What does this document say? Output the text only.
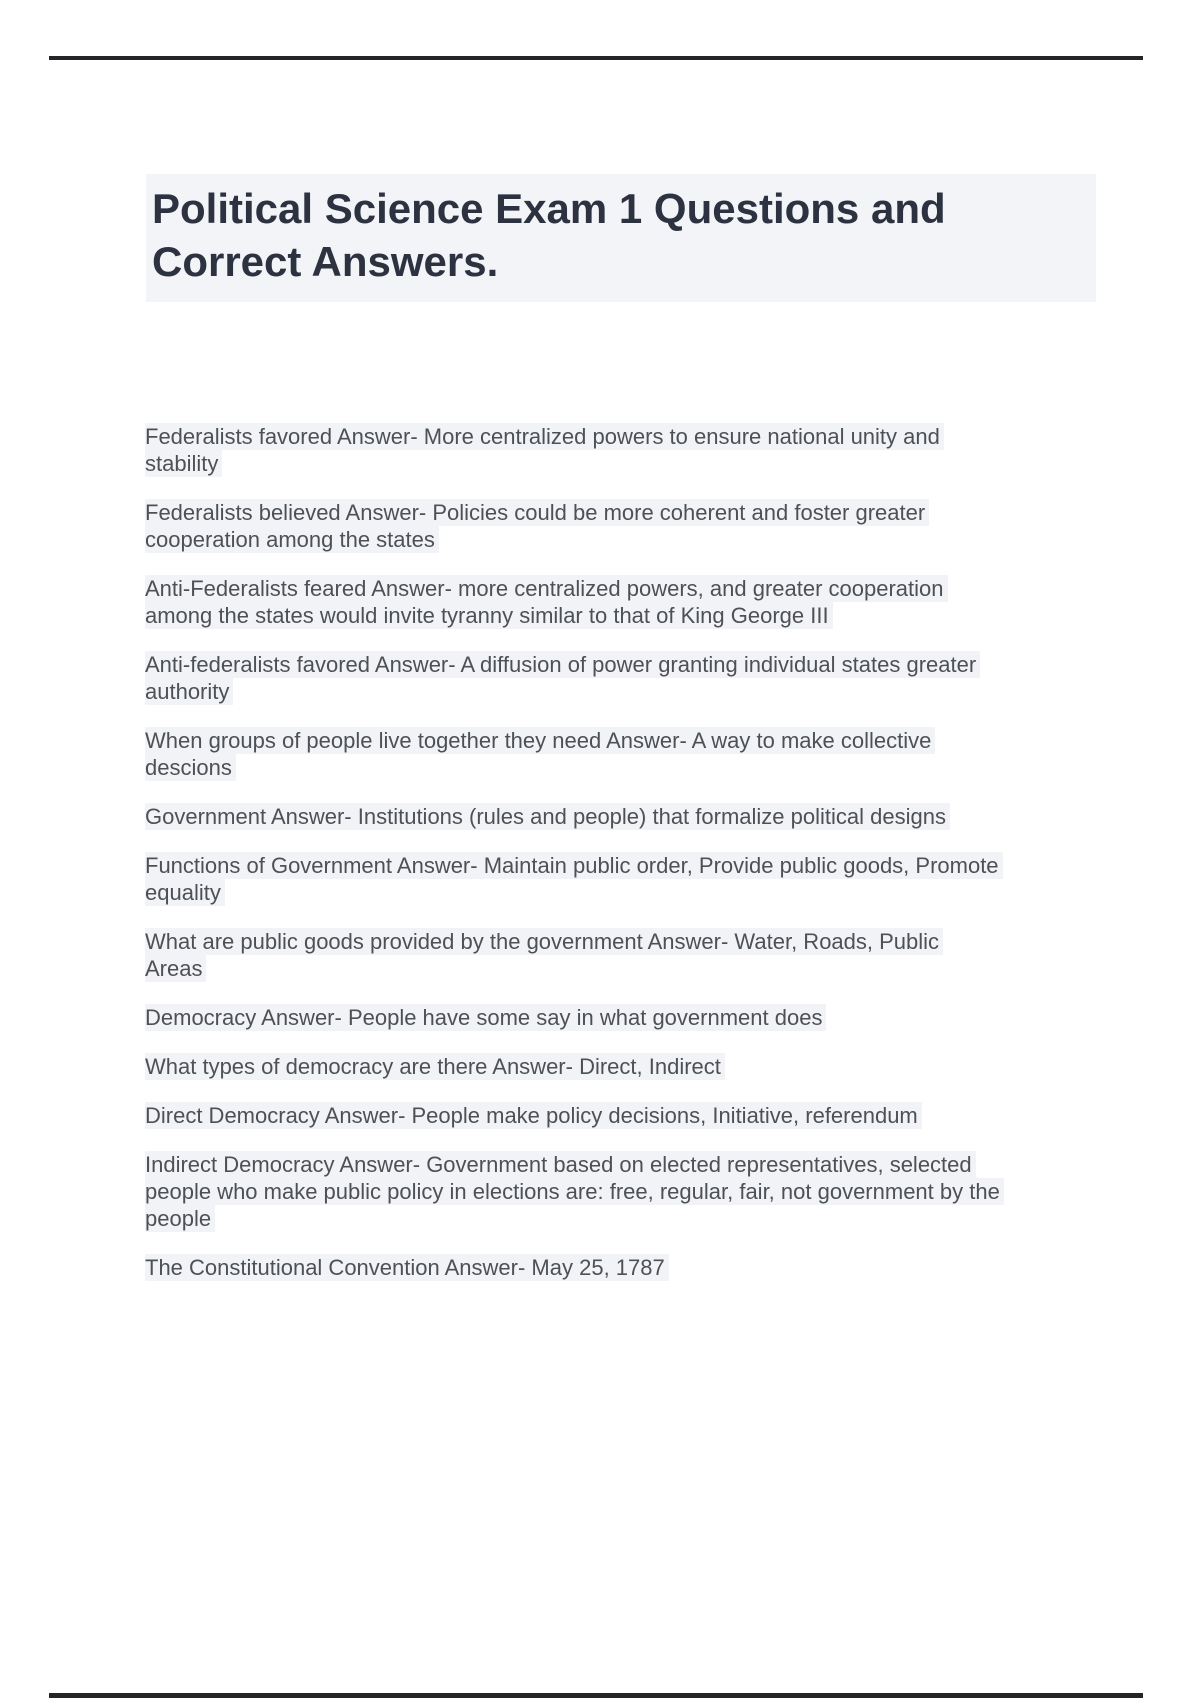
Political Science Exam 1 Questions and
Correct Answers.
Federalists favored Answer- More centralized powers to ensure national unity and
stability
Federalists believed Answer- Policies could be more coherent and foster greater
cooperation among the states
Anti-Federalists feared Answer- more centralized powers, and greater cooperation
among the states would invite tyranny similar to that of King George III
Anti-federalists favored Answer- A diffusion of power granting individual states greater
authority
When groups of people live together they need Answer- A way to make collective
descions
Government Answer- Institutions (rules and people) that formalize political designs
Functions of Government Answer- Maintain public order, Provide public goods, Promote
equality
What are public goods provided by the government Answer- Water, Roads, Public
Areas
Democracy Answer- People have some say in what government does
What types of democracy are there Answer- Direct, Indirect
Direct Democracy Answer- People make policy decisions, Initiative, referendum
Indirect Democracy Answer- Government based on elected representatives, selected
people who make public policy in elections are: free, regular, fair, not government by the
people
The Constitutional Convention Answer- May 25, 1787
